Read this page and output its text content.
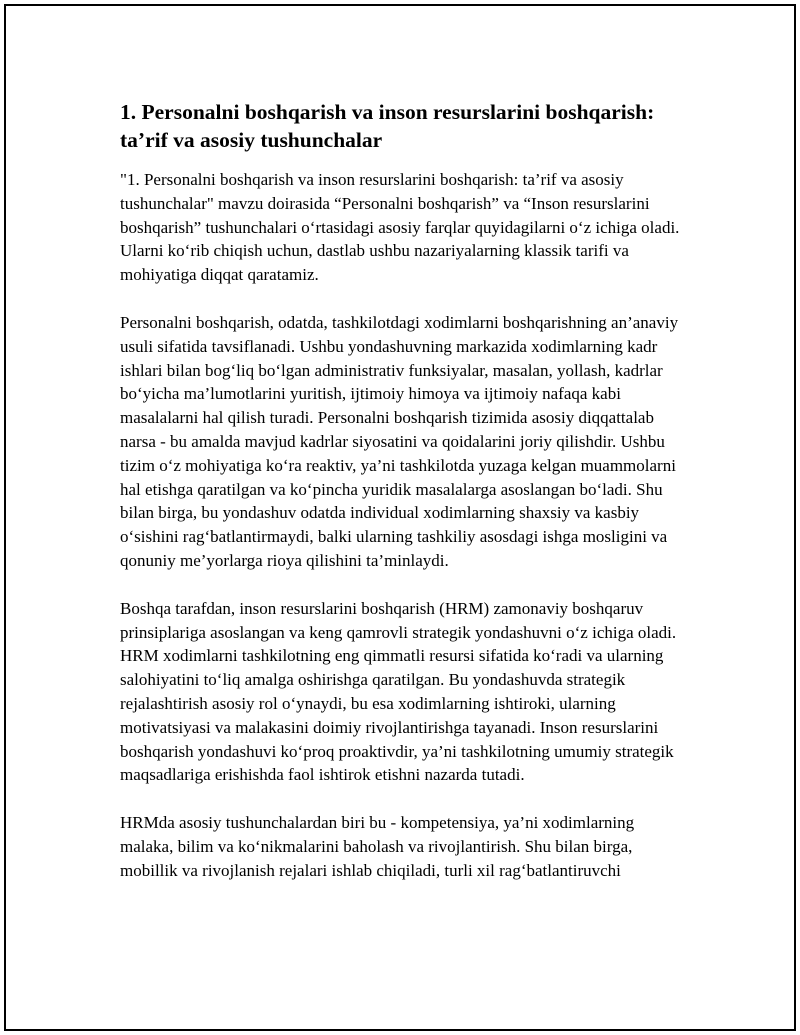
1. Personalni boshqarish va inson resurslarini boshqarish: ta’rif va asosiy tushunchalar

"1. Personalni boshqarish va inson resurslarini boshqarish: ta’rif va asosiy tushunchalar" mavzu doirasida “Personalni boshqarish” va “Inson resurslarini boshqarish” tushunchalari o‘rtasidagi asosiy farqlar quyidagilarni o‘z ichiga oladi. Ularni ko‘rib chiqish uchun, dastlab ushbu nazariyalarning klassik tarifi va mohiyatiga diqqat qaratamiz.

Personalni boshqarish, odatda, tashkilotdagi xodimlarni boshqarishning an’anaviy usuli sifatida tavsiflanadi. Ushbu yondashuvning markazida xodimlarning kadr ishlari bilan bog‘liq bo‘lgan administrativ funksiyalar, masalan, yollash, kadrlar bo‘yicha ma’lumotlarini yuritish, ijtimoiy himoya va ijtimoiy nafaqa kabi masalalarni hal qilish turadi. Personalni boshqarish tizimida asosiy diqqattalab narsa - bu amalda mavjud kadrlar siyosatini va qoidalarini joriy qilishdir. Ushbu tizim o‘z mohiyatiga ko‘ra reaktiv, ya’ni tashkilotda yuzaga kelgan muammolarni hal etishga qaratilgan va ko‘pincha yuridik masalalarga asoslangan bo‘ladi. Shu bilan birga, bu yondashuv odatda individual xodimlarning shaxsiy va kasbiy o‘sishini rag‘batlantirmaydi, balki ularning tashkiliy asosdagi ishga mosligini va qonuniy me’yorlarga rioya qilishini ta’minlaydi.

Boshqa tarafdan, inson resurslarini boshqarish (HRM) zamonaviy boshqaruv prinsiplariga asoslangan va keng qamrovli strategik yondashuvni o‘z ichiga oladi. HRM xodimlarni tashkilotning eng qimmatli resursi sifatida ko‘radi va ularning salohiyatini to‘liq amalga oshirishga qaratilgan. Bu yondashuvda strategik rejalashtirish asosiy rol o‘ynaydi, bu esa xodimlarning ishtiroki, ularning motivatsiyasi va malakasini doimiy rivojlantirishga tayanadi. Inson resurslarini boshqarish yondashuvi ko‘proq proaktivdir, ya’ni tashkilotning umumiy strategik maqsadlariga erishishda faol ishtirok etishni nazarda tutadi.

HRMda asosiy tushunchalardan biri bu - kompetensiya, ya’ni xodimlarning malaka, bilim va ko‘nikmalarini baholash va rivojlantirish. Shu bilan birga, mobillik va rivojlanish rejalari ishlab chiqiladi, turli xil rag‘batlantiruvchi
